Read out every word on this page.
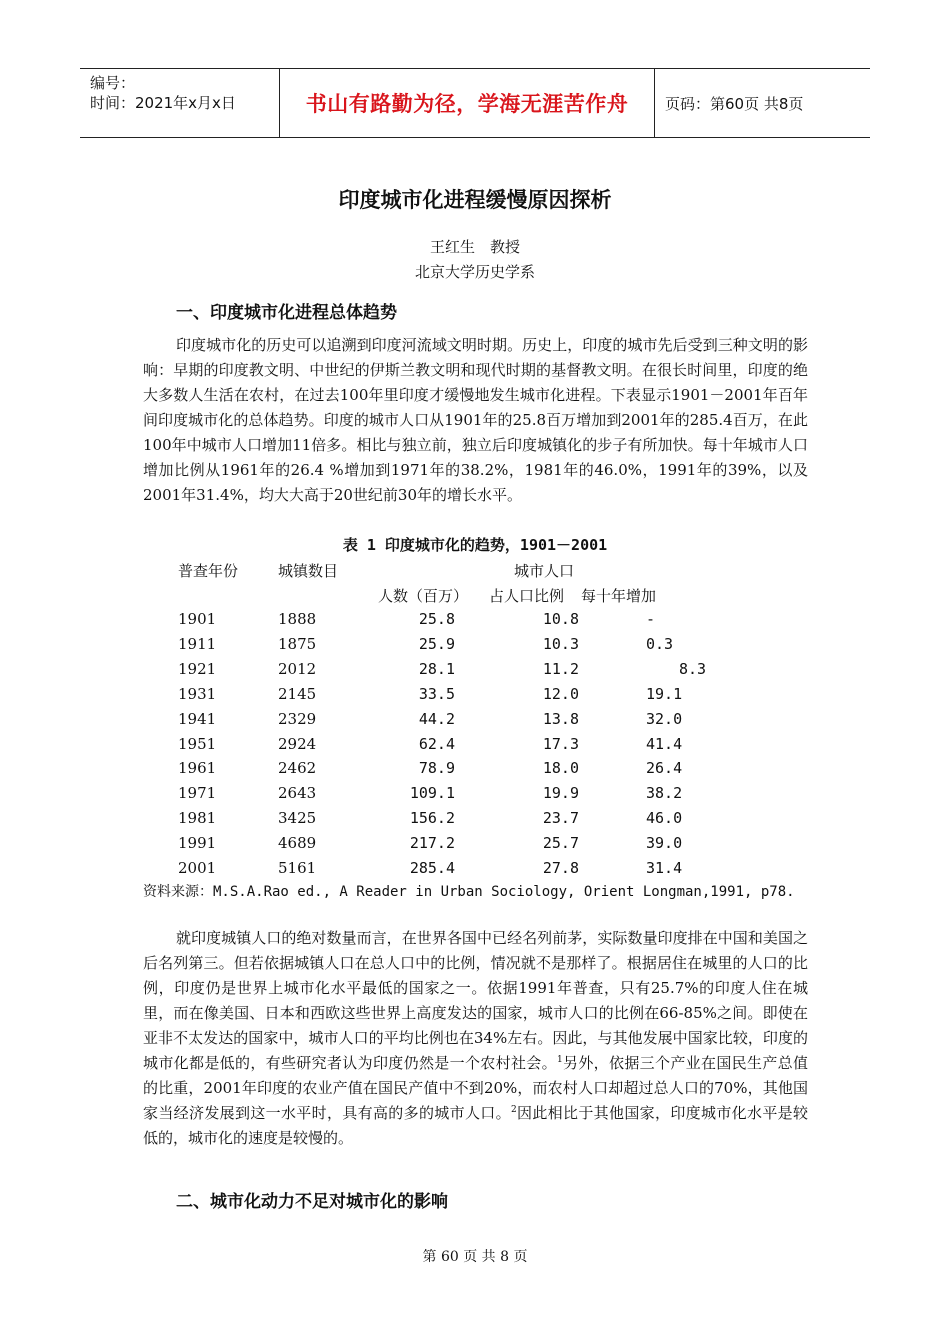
编号：
时间：2021年x月x日	书山有路勤为径，学海无涯苦作舟 页码：第60页 共8页
印度城市化进程缓慢原因探析
王红生　教授
北京大学历史学系
一、印度城市化进程总体趋势

印度城市化的历史可以追溯到印度河流域文明时期。历史上，印度的城市先后受到三种文明的影响：早期的印度教文明、中世纪的伊斯兰教文明和现代时期的基督教文明。在很长时间里，印度的绝大多数人生活在农村，在过去100年里印度才缓慢地发生城市化进程。下表显示1901－2001年百年间印度城市化的总体趋势。印度的城市人口从1901年的25.8百万增加到2001年的285.4百万，在此100年中城市人口增加11倍多。相比与独立前，独立后印度城镇化的步子有所加快。每十年城市人口增加比例从1961年的26.4 %增加到1971年的38.2%，1981年的46.0%，1991年的39%，以及2001年31.4%，均大大高于20世纪前30年的增长水平。

表 1 印度城市化的趋势，1901－2001
普查年份	城镇数目	城市人口
人数（百万） 占人口比例 每十年增加
1901	1888	25.8	10.8	-
1911	1875	25.9	10.3	0.3
1921	2012	28.1	11.2	8.3
1931	2145	33.5	12.0	19.1
1941	2329	44.2	13.8	32.0
1951	2924	62.4	17.3	41.4
1961	2462	78.9	18.0	26.4
1971	2643	109.1	19.9	38.2
1981	3425	156.2	23.7	46.0
1991	4689	217.2	25.7	39.0
2001	5161	285.4	27.8	31.4
资料来源：M.S.A.Rao ed., A Reader in Urban Sociology, Orient Longman,1991, p78.

就印度城镇人口的绝对数量而言，在世界各国中已经名列前茅，实际数量印度排在中国和美国之后名列第三。但若依据城镇人口在总人口中的比例，情况就不是那样了。根据居住在城里的人口的比例，印度仍是世界上城市化水平最低的国家之一。依据1991年普查，只有25.7%的印度人住在城里，而在像美国、日本和西欧这些世界上高度发达的国家，城市人口的比例在66-85%之间。即使在亚非不太发达的国家中，城市人口的平均比例也在34%左右。因此，与其他发展中国家比较，印度的城市化都是低的，有些研究者认为印度仍然是一个农村社会。$^1$另外，依据三个产业在国民生产总值的比重，2001年印度的农业产值在国民产值中不到20%，而农村人口却超过总人口的70%，其他国家当经济发展到这一水平时，具有高的多的城市人口。$^2$因此相比于其他国家，印度城市化水平是较低的，城市化的速度是较慢的。

二、城市化动力不足对城市化的影响
第 60 页 共 8 页
